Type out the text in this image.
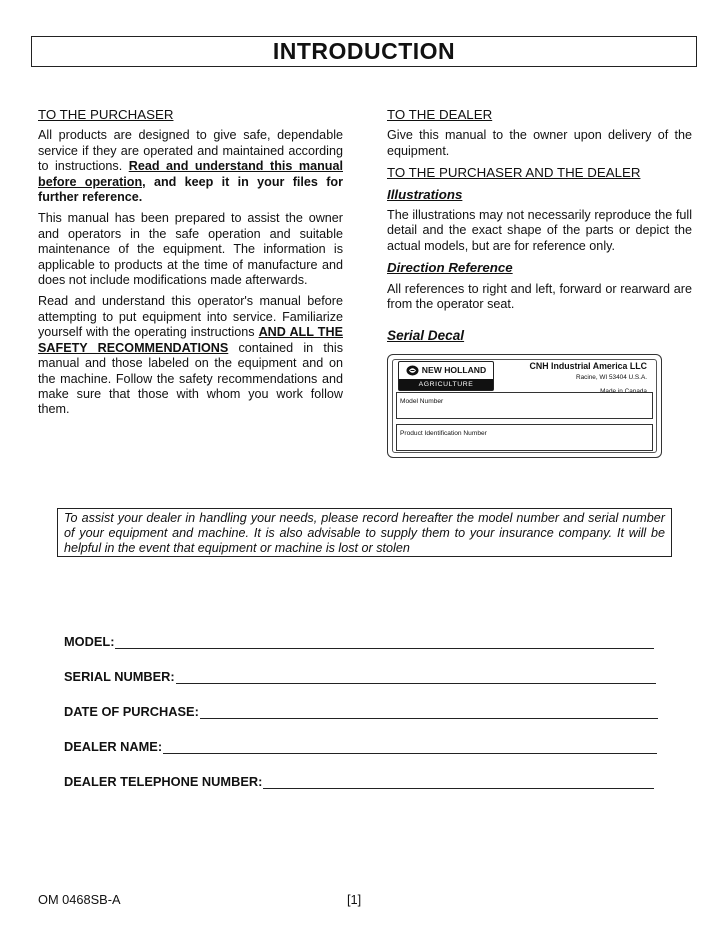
INTRODUCTION
TO THE PURCHASER

All products are designed to give safe, dependable service if they are operated and maintained according to instructions. Read and understand this manual before operation, and keep it in your files for further reference.

This manual has been prepared to assist the owner and operators in the safe operation and suitable maintenance of the equipment. The information is applicable to products at the time of manufacture and does not include modifications made afterwards.

Read and understand this operator's manual before attempting to put equipment into service. Familiarize yourself with the operating instructions AND ALL THE SAFETY RECOMMENDATIONS contained in this manual and those labeled on the equipment and on the machine. Follow the safety recommendations and make sure that those with whom you work follow them.

TO THE DEALER

Give this manual to the owner upon delivery of the equipment.

TO THE PURCHASER AND THE DEALER
Illustrations

The illustrations may not necessarily reproduce the full detail and the exact shape of the parts or depict the actual models, but are for reference only.

Direction Reference

All references to right and left, forward or rearward are from the operator seat.

Serial Decal
NEW HOLLAND
AGRICULTURE
CNH Industrial America LLC
Racine, WI 53404 U.S.A.
Made in Canada
Model Number
Product Identification Number
To assist your dealer in handling your needs, please record hereafter the model number and serial number of your equipment and machine. It is also advisable to supply them to your insurance company. It will be helpful in the event that equipment or machine is lost or stolen
MODEL:
SERIAL NUMBER:
DATE OF PURCHASE:
DEALER NAME:
DEALER TELEPHONE NUMBER:
OM 0468SB-A	[1]
